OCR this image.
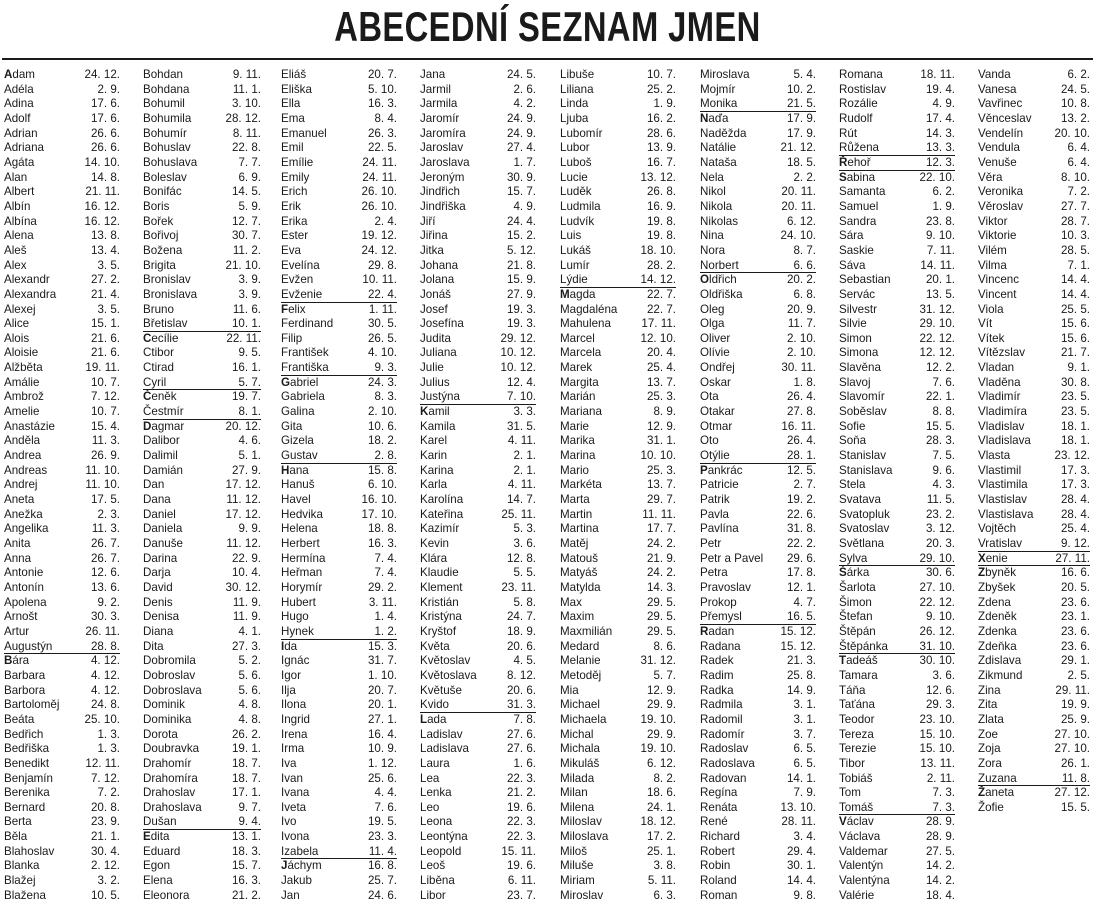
ABECEDNÍ SEZNAM JMEN
Adam	24. 12.
Adéla	2. 9.
Adina	17. 6.
Adolf	17. 6.
Adrian	26. 6.
Adriana	26. 6.
Agáta	14. 10.
Alan	14. 8.
Albert	21. 11.
Albín	16. 12.
Albína	16. 12.
Alena	13. 8.
Aleš	13. 4.
Alex	3. 5.
Alexandr	27. 2.
Alexandra	21. 4.
Alexej	3. 5.
Alice	15. 1.
Alois	21. 6.
Aloisie	21. 6.
Alžběta	19. 11.
Amálie	10. 7.
Ambrož	7. 12.
Amelie	10. 7.
Anastázie	15. 4.
Anděla	11. 3.
Andrea	26. 9.
Andreas	11. 10.
Andrej	11. 10.
Aneta	17. 5.
Anežka	2. 3.
Angelika	11. 3.
Anita	26. 7.
Anna	26. 7.
Antonie	12. 6.
Antonín	13. 6.
Apolena	9. 2.
Arnošt	30. 3.
Artur	26. 11.
Augustýn	28. 8.
Bára	4. 12.
Barbara	4. 12.
Barbora	4. 12.
Bartoloměj	24. 8.
Beáta	25. 10.
Bedřich	1. 3.
Bedřiška	1. 3.
Benedikt	12. 11.
Benjamín	7. 12.
Berenika	7. 2.
Bernard	20. 8.
Berta	23. 9.
Běla	21. 1.
Blahoslav	30. 4.
Blanka	2. 12.
Blažej	3. 2.
Blažena	10. 5.
Bohdan	9. 11.
Bohdana	11. 1.
Bohumil	3. 10.
Bohumila	28. 12.
Bohumír	8. 11.
Bohuslav	22. 8.
Bohuslava	7. 7.
Boleslav	6. 9.
Bonifác	14. 5.
Boris	5. 9.
Bořek	12. 7.
Bořivoj	30. 7.
Božena	11. 2.
Brigita	21. 10.
Bronislav	3. 9.
Bronislava	3. 9.
Bruno	11. 6.
Břetislav	10. 1.
Cecílie	22. 11.
Ctibor	9. 5.
Ctirad	16. 1.
Cyril	5. 7.
Čeněk	19. 7.
Čestmír	8. 1.
Dagmar	20. 12.
Dalibor	4. 6.
Dalimil	5. 1.
Damián	27. 9.
Dan	17. 12.
Dana	11. 12.
Daniel	17. 12.
Daniela	9. 9.
Danuše	11. 12.
Darina	22. 9.
Darja	10. 4.
David	30. 12.
Denis	11. 9.
Denisa	11. 9.
Diana	4. 1.
Dita	27. 3.
Dobromila	5. 2.
Dobroslav	5. 6.
Dobroslava	5. 6.
Dominik	4. 8.
Dominika	4. 8.
Dorota	26. 2.
Doubravka	19. 1.
Drahomír	18. 7.
Drahomíra	18. 7.
Drahoslav	17. 1.
Drahoslava	9. 7.
Dušan	9. 4.
Edita	13. 1.
Eduard	18. 3.
Egon	15. 7.
Elena	16. 3.
Eleonora	21. 2.
Eliáš	20. 7.
Eliška	5. 10.
Ella	16. 3.
Ema	8. 4.
Emanuel	26. 3.
Emil	22. 5.
Emílie	24. 11.
Emily	24. 11.
Erich	26. 10.
Erik	26. 10.
Erika	2. 4.
Ester	19. 12.
Eva	24. 12.
Evelína	29. 8.
Evžen	10. 11.
Evženie	22. 4.
Felix	1. 11.
Ferdinand	30. 5.
Filip	26. 5.
František	4. 10.
Františka	9. 3.
Gabriel	24. 3.
Gabriela	8. 3.
Galina	2. 10.
Gita	10. 6.
Gizela	18. 2.
Gustav	2. 8.
Hana	15. 8.
Hanuš	6. 10.
Havel	16. 10.
Hedvika	17. 10.
Helena	18. 8.
Herbert	16. 3.
Hermína	7. 4.
Heřman	7. 4.
Horymír	29. 2.
Hubert	3. 11.
Hugo	1. 4.
Hynek	1. 2.
Ida	15. 3.
Ignác	31. 7.
Igor	1. 10.
Ilja	20. 7.
Ilona	20. 1.
Ingrid	27. 1.
Irena	16. 4.
Irma	10. 9.
Iva	1. 12.
Ivan	25. 6.
Ivana	4. 4.
Iveta	7. 6.
Ivo	19. 5.
Ivona	23. 3.
Izabela	11. 4.
Jáchym	16. 8.
Jakub	25. 7.
Jan	24. 6.
Jana	24. 5.
Jarmil	2. 6.
Jarmila	4. 2.
Jaromír	24. 9.
Jaromíra	24. 9.
Jaroslav	27. 4.
Jaroslava	1. 7.
Jeroným	30. 9.
Jindřich	15. 7.
Jindřiška	4. 9.
Jiří	24. 4.
Jiřina	15. 2.
Jitka	5. 12.
Johana	21. 8.
Jolana	15. 9.
Jonáš	27. 9.
Josef	19. 3.
Josefína	19. 3.
Judita	29. 12.
Juliana	10. 12.
Julie	10. 12.
Julius	12. 4.
Justýna	7. 10.
Kamil	3. 3.
Kamila	31. 5.
Karel	4. 11.
Karin	2. 1.
Karina	2. 1.
Karla	4. 11.
Karolína	14. 7.
Kateřina	25. 11.
Kazimír	5. 3.
Kevin	3. 6.
Klára	12. 8.
Klaudie	5. 5.
Klement	23. 11.
Kristián	5. 8.
Kristýna	24. 7.
Kryštof	18. 9.
Květa	20. 6.
Květoslav	4. 5.
Květoslava	8. 12.
Květuše	20. 6.
Kvido	31. 3.
Lada	7. 8.
Ladislav	27. 6.
Ladislava	27. 6.
Laura	1. 6.
Lea	22. 3.
Lenka	21. 2.
Leo	19. 6.
Leona	22. 3.
Leontýna	22. 3.
Leopold	15. 11.
Leoš	19. 6.
Liběna	6. 11.
Libor	23. 7.
Libuše	10. 7.
Liliana	25. 2.
Linda	1. 9.
Ljuba	16. 2.
Lubomír	28. 6.
Lubor	13. 9.
Luboš	16. 7.
Lucie	13. 12.
Luděk	26. 8.
Ludmila	16. 9.
Ludvík	19. 8.
Luis	19. 8.
Lukáš	18. 10.
Lumír	28. 2.
Lýdie	14. 12.
Magda	22. 7.
Magdaléna	22. 7.
Mahulena	17. 11.
Marcel	12. 10.
Marcela	20. 4.
Marek	25. 4.
Margita	13. 7.
Marián	25. 3.
Mariana	8. 9.
Marie	12. 9.
Marika	31. 1.
Marina	10. 10.
Mario	25. 3.
Markéta	13. 7.
Marta	29. 7.
Martin	11. 11.
Martina	17. 7.
Matěj	24. 2.
Matouš	21. 9.
Matyáš	24. 2.
Matylda	14. 3.
Max	29. 5.
Maxim	29. 5.
Maxmilián	29. 5.
Medard	8. 6.
Melanie	31. 12.
Metoděj	5. 7.
Mia	12. 9.
Michael	29. 9.
Michaela	19. 10.
Michal	29. 9.
Michala	19. 10.
Mikuláš	6. 12.
Milada	8. 2.
Milan	18. 6.
Milena	24. 1.
Miloslav	18. 12.
Miloslava	17. 2.
Miloš	25. 1.
Miluše	3. 8.
Miriam	5. 11.
Miroslav	6. 3.
Miroslava	5. 4.
Mojmír	10. 2.
Monika	21. 5.
Naďa	17. 9.
Naděžda	17. 9.
Natálie	21. 12.
Nataša	18. 5.
Nela	2. 2.
Nikol	20. 11.
Nikola	20. 11.
Nikolas	6. 12.
Nina	24. 10.
Nora	8. 7.
Norbert	6. 6.
Oldřich	20. 2.
Oldřiška	6. 8.
Oleg	20. 9.
Olga	11. 7.
Oliver	2. 10.
Olívie	2. 10.
Ondřej	30. 11.
Oskar	1. 8.
Ota	26. 4.
Otakar	27. 8.
Otmar	16. 11.
Oto	26. 4.
Otýlie	28. 1.
Pankrác	12. 5.
Patricie	2. 7.
Patrik	19. 2.
Pavla	22. 6.
Pavlína	31. 8.
Petr	22. 2.
Petr a Pavel 29. 6.
Petra	17. 8.
Pravoslav	12. 1.
Prokop	4. 7.
Přemysl	16. 5.
Radan	15. 12.
Radana	15. 12.
Radek	21. 3.
Radim	25. 8.
Radka	14. 9.
Radmila	3. 1.
Radomil	3. 1.
Radomír	3. 7.
Radoslav	6. 5.
Radoslava	6. 5.
Radovan	14. 1.
Regína	7. 9.
Renáta	13. 10.
René	28. 11.
Richard	3. 4.
Robert	29. 4.
Robin	30. 1.
Roland	14. 4.
Roman	9. 8.
Romana	18. 11.
Rostislav	19. 4.
Rozálie	4. 9.
Rudolf	17. 4.
Rút	14. 3.
Růžena	13. 3.
Řehoř	12. 3.
Sabina	22. 10.
Samanta	6. 2.
Samuel	1. 9.
Sandra	23. 8.
Sára	9. 10.
Saskie	7. 11.
Sáva	14. 11.
Sebastian	20. 1.
Servác	13. 5.
Silvestr	31. 12.
Silvie	29. 10.
Simon	22. 12.
Simona	12. 12.
Slavěna	12. 2.
Slavoj	7. 6.
Slavomír	22. 1.
Soběslav	8. 8.
Sofie	15. 5.
Soňa	28. 3.
Stanislav	7. 5.
Stanislava	9. 6.
Stela	4. 3.
Svatava	11. 5.
Svatopluk	23. 2.
Svatoslav	3. 12.
Světlana	20. 3.
Sylva	29. 10.
Šárka	30. 6.
Šarlota	27. 10.
Šimon	22. 12.
Štefan	9. 10.
Štěpán	26. 12.
Štěpánka	31. 10.
Tadeáš	30. 10.
Tamara	3. 6.
Táňa	12. 6.
Taťána	29. 3.
Teodor	23. 10.
Tereza	15. 10.
Terezie	15. 10.
Tibor	13. 11.
Tobiáš	2. 11.
Tom	7. 3.
Tomáš	7. 3.
Václav	28. 9.
Václava	28. 9.
Valdemar	27. 5.
Valentýn	14. 2.
Valentýna	14. 2.
Valérie	18. 4.
Vanda	6. 2.
Vanesa	24. 5.
Vavřinec	10. 8.
Věnceslav	13. 2.
Vendelín	20. 10.
Vendula	6. 4.
Venuše	6. 4.
Věra	8. 10.
Veronika	7. 2.
Věroslav	27. 7.
Viktor	28. 7.
Viktorie	10. 3.
Vilém	28. 5.
Vilma	7. 1.
Vincenc	14. 4.
Vincent	14. 4.
Viola	25. 5.
Vít	15. 6.
Vítek	15. 6.
Vítězslav	21. 7.
Vladan	9. 1.
Vladěna	30. 8.
Vladimír	23. 5.
Vladimíra	23. 5.
Vladislav	18. 1.
Vladislava	18. 1.
Vlasta	23. 12.
Vlastimil	17. 3.
Vlastimila	17. 3.
Vlastislav	28. 4.
Vlastislava 28. 4.
Vojtěch	25. 4.
Vratislav	9. 12.
Xenie	27. 11.
Zbyněk	16. 6.
Zbyšek	20. 5.
Zdena	23. 6.
Zdeněk	23. 1.
Zdenka	23. 6.
Zdeňka	23. 6.
Zdislava	29. 1.
Zikmund	2. 5.
Zina	29. 11.
Zita	19. 9.
Zlata	25. 9.
Zoe	27. 10.
Zoja	27. 10.
Zora	26. 1.
Zuzana	11. 8.
Žaneta	27. 12.
Žofie	15. 5.
